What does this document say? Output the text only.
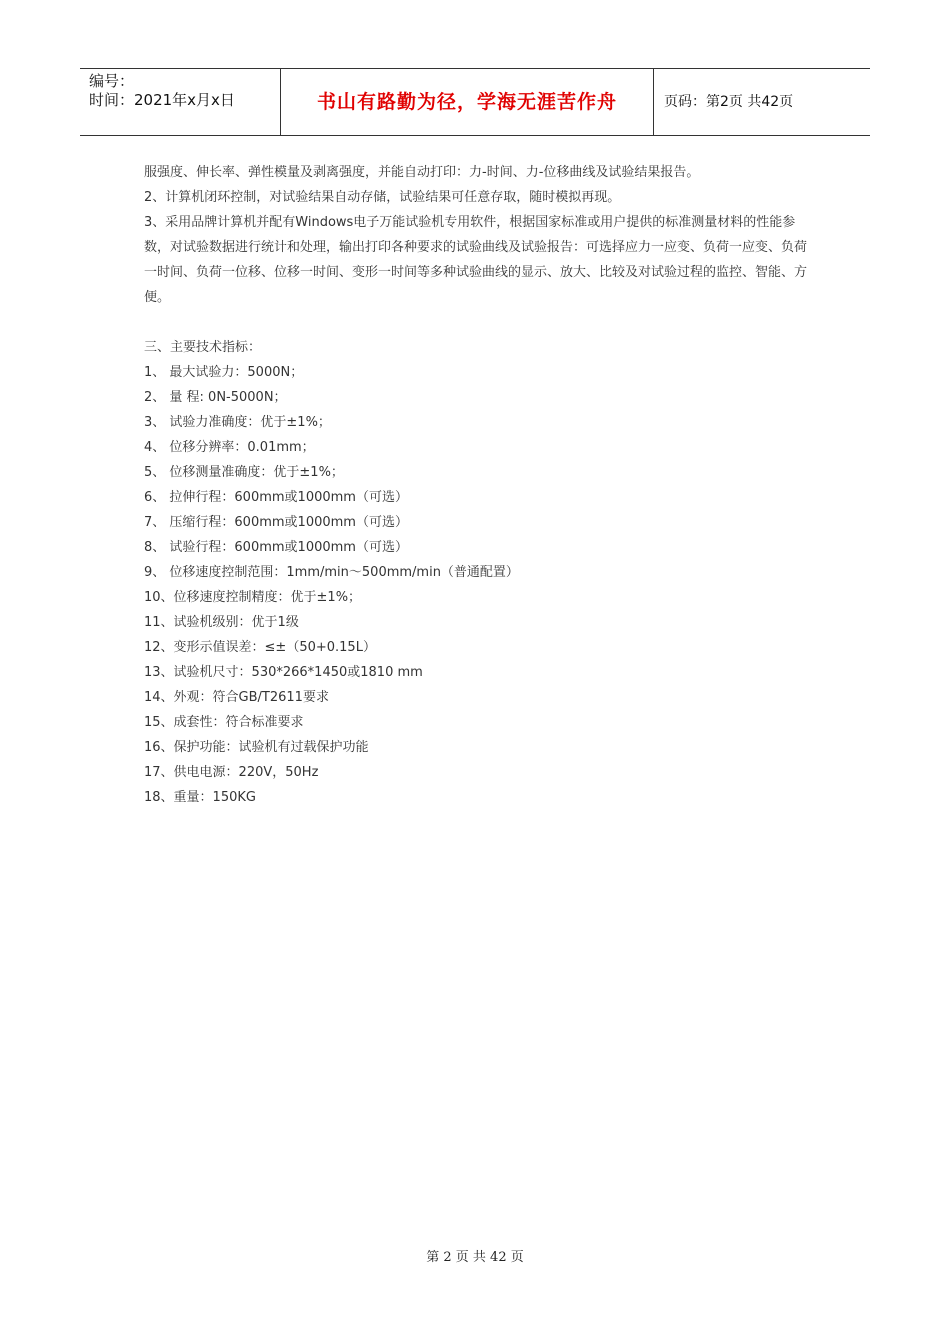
编号：
时间：2021年x月x日	书山有路勤为径，学海无涯苦作舟	页码：第2页 共42页

服强度、伸长率、弹性模量及剥离强度，并能自动打印：力-时间、力-位移曲线及试验结果报告。

2、计算机闭环控制，对试验结果自动存储，试验结果可任意存取，随时模拟再现。

3、采用品牌计算机并配有Windows电子万能试验机专用软件，根据国家标准或用户提供的标准测量材料的性能参数，对试验数据进行统计和处理，输出打印各种要求的试验曲线及试验报告：可选择应力一应变、负荷一应变、负荷一时间、负荷一位移、位移一时间、变形一时间等多种试验曲线的显示、放大、比较及对试验过程的监控、智能、方便。

三、主要技术指标：

1、 最大试验力：5000N；
2、 量 程: 0N-5000N；
3、 试验力准确度：优于±1%；
4、 位移分辨率：0.01mm；
5、 位移测量准确度：优于±1%；
6、 拉伸行程：600mm或1000mm（可选）
7、 压缩行程：600mm或1000mm（可选）
8、 试验行程：600mm或1000mm（可选）
9、 位移速度控制范围：1mm/min～500mm/min（普通配置）
10、位移速度控制精度：优于±1%；
11、试验机级别：优于1级
12、变形示值误差：≤±（50+0.15L）
13、试验机尺寸：530*266*1450或1810 mm
14、外观：符合GB/T2611要求
15、成套性：符合标准要求
16、保护功能：试验机有过载保护功能
17、供电电源：220V，50Hz
18、重量：150KG
第 2 页 共 42 页
